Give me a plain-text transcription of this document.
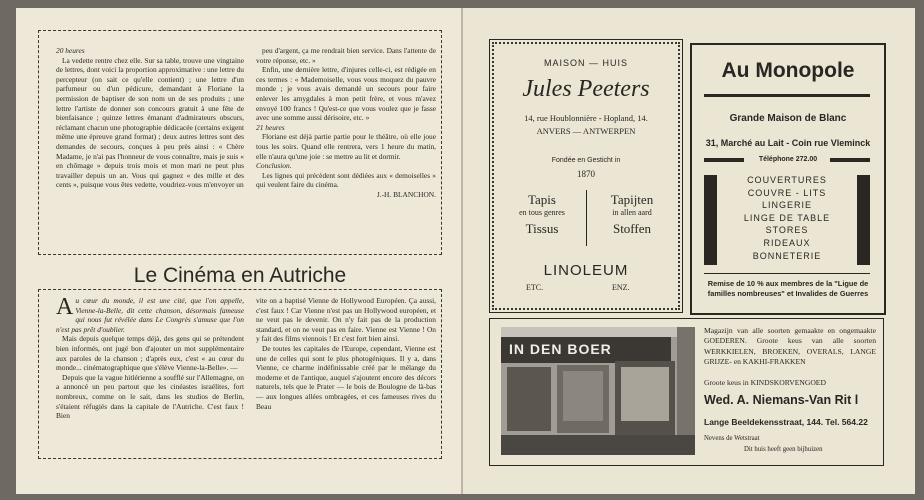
20 heures

La vedette rentre chez elle. Sur sa table, trouve une vingtaine de lettres, dont voici la proportion approximative : une lettre du percepteur (on sait ce qu'elle contient) ; une lettre d'un parfumeur ou d'un pédicure, demandant à Floriane la permission de baptiser de son nom un de ses produits ; une lettre l'artiste de donner son concours gratuit à une fête de bienfaisance ; quinze lettres émanant d'admirateurs obscurs, réclamant chacun une photographie dédicacée (certains exigent même une épreuve grand format) ; deux autres lettres sont des demandes de secours, conçues à peu près ainsi : « Chère Madame, je n'ai pas l'honneur de vous connaître, mais je suis « en chômage » depuis trois mois et mon mari ne peut plus travailler depuis un an. Vous qui gagnez « des mille et des cents », puisque vous êtes vedette, voudriez-vous m'envoyer un

peu d'argent, ça me rendrait bien service. Dans l'attente de votre réponse, etc. »

Enfin, une dernière lettre, d'injures celle-ci, est rédigée en ces termes : « Mademoiselle, vous vous moquez du pauvre monde ; je vous avais demandé un secours pour faire enlever les amygdales à mon petit frère, et vous m'avez envoyé 100 francs ! Qu'est-ce que vous voulez que je fasse avec une somme aussi dérisoire, etc. »

21 heures

Floriane est déjà partie partie pour le théâtre, où elle joue tous les soirs. Quand elle rentrera, vers 1 heure du matin, elle n'aura qu'une joie : se mettre au lit et dormir.

Conclusion.

Les lignes qui précèdent sont dédiées aux « demoiselles » qui veulent faire du cinéma.

J.-H. BLANCHON.

Le Cinéma en Autriche

Au cœur du monde, il est une cité, que l'on appelle, Vienne-la-Belle, dit cette chanson, désormais fameuse qui nous fut révélée dans Le Congrès s'amuse que l'on n'est pas prêt d'oublier.

Mais depuis quelque temps déjà, des gens qui se prétendent bien informés, ont jugé bon d'ajouter un mot supplémentaire aux paroles de la chanson ; d'après eux, c'est « au cœur du monde... cinématographique que s'élève Vienne-la-Belle». —

Depuis que la vague hitlérienne a soufflé sur l'Allemagne, on a annoncé un peu partout que les cinéastes israélites, fort nombreux, comme on le sait, dans les studios de Berlin, s'étaient réfugiés dans la capitale de l'Autriche. C'est faux ! Bien

vite on a baptisé Vienne de Hollywood Européen. Ça aussi, c'est faux ! Car Vienne n'est pas un Hollywood européen, et ne veut pas le devenir. On n'y fait pas de la production standard, et on ne veut pas en faire. Vienne est Vienne ! On y fait des films viennois ! Et c'est fort bien ainsi.

De toutes les capitales de l'Europe, cependant, Vienne est une de celles qui sont le plus photogéniques. Il y a, dans Vienne, ce charme indéfinissable créé par le mélange du moderne et de l'antique, auquel s'ajoutent encore des décors naturels, tels que le Prater — le bois de Boulogne de là-bas — aux longues allées ombragées, et ces fameuses rives du Beau

MAISON — HUIS
Jules Peeters
14, rue Houblonnière - Hopland, 14.
ANVERS — ANTWERPEN
Fondée en Gesticht in
1870
Tapis
en tous genres
Tissus
Tapijten
in allen aard
Stoffen
LINOLEUM
ETC.	ENZ.
Au Monopole
Grande Maison de Blanc
31, Marché au Lait - Coin rue Vleminck
Téléphone 272.00
COUVERTURES
COUVRE - LITS
LINGERIE
LINGE DE TABLE
STORES
RIDEAUX
BONNETERIE
Remise de 10 % aux membres de la "Ligue de familles nombreuses" et Invalides de Guerres
IN DEN BOER
Magazijn van alle soorten gemaakte en ongemaakte GOEDEREN. Groote keus van alle soorten WERKKIELEN, BROEKEN, OVERALS, LANGE GRIJZE- en KAKHI-FRAKKEN
Groote keus in KINDSKORVENGOED
Wed. A. Niemans-Van Rit l
Lange Beeldekensstraat, 144. Tel. 564.22
Nevens de Wetstraat
Dit huis heeft geen bijhuizen
